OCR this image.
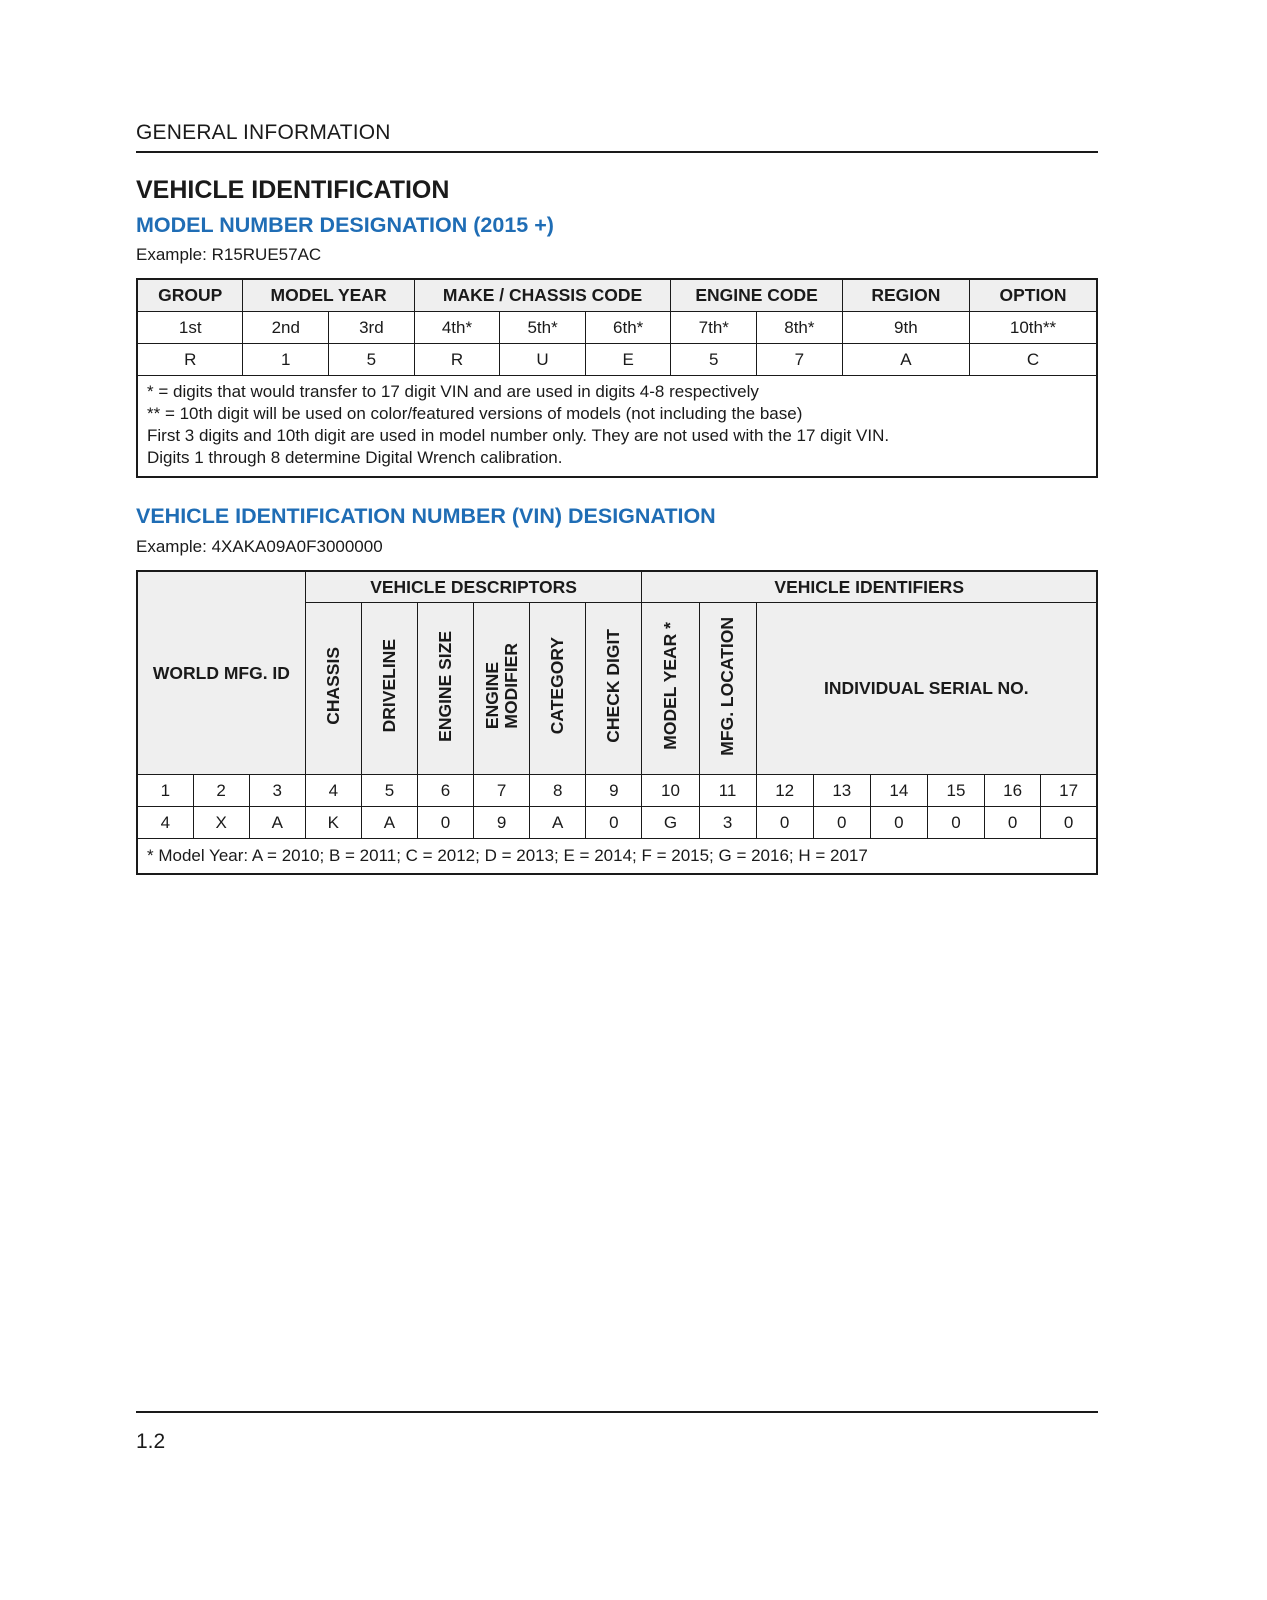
GENERAL INFORMATION
VEHICLE IDENTIFICATION
MODEL NUMBER DESIGNATION (2015 +)
Example: R15RUE57AC
GROUP	MODEL YEAR		MAKE / CHASSIS CODE			ENGINE CODE		REGION	OPTION
1st	2nd	3rd	4th*	5th*	6th*	7th*	8th*	9th	10th**
R	1	5	R	U	E	5	7	A	C

* = digits that would transfer to 17 digit VIN and are used in digits 4-8 respectively
** = 10th digit will be used on color/featured versions of models (not including the base)
First 3 digits and 10th digit are used in model number only. They are not used with the 17 digit VIN.
Digits 1 through 8 determine Digital Wrench calibration.									
VEHICLE IDENTIFICATION NUMBER (VIN) DESIGNATION
Example: 4XAKA09A0F3000000
WORLD MFG. ID			VEHICLE DESCRIPTORS						VEHICLE IDENTIFIERS							
			CHASSIS	DRIVELINE	ENGINE SIZE	ENGINEMODIFIER	CATEGORY	CHECK DIGIT	MODEL YEAR *	MFG. LOCATION	INDIVIDUAL SERIAL NO.					
1	2	3	4	5	6	7	8	9	10	11	12	13	14	15	16	17
4	X	A	K	A	0	9	A	0	G	3	0	0	0	0	0	0
* Model Year: A = 2010; B = 2011; C = 2012; D = 2013; E = 2014; F = 2015; G = 2016; H = 2017																
1.2
